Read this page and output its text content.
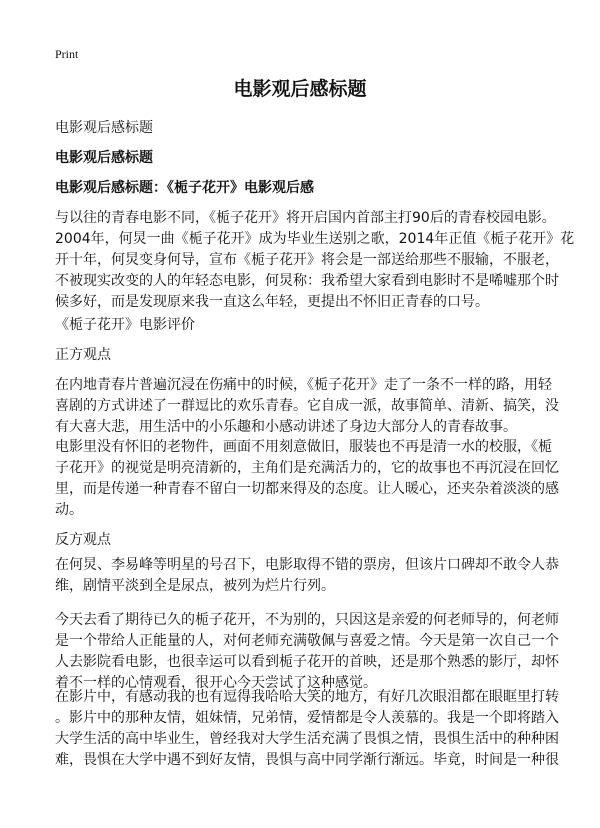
Print
电影观后感标题
电影观后感标题
电影观后感标题
电影观后感标题：《栀子花开》电影观后感
与以往的青春电影不同，《栀子花开》将开启国内首部主打90后的青春校园电影。
2004年，何炅一曲《栀子花开》成为毕业生送别之歌，2014年正值《栀子花开》花
开十年，何炅变身何导，宣布《栀子花开》将会是一部送给那些不服输，不服老，
不被现实改变的人的年轻态电影，何炅称：我希望大家看到电影时不是唏嘘那个时
候多好，而是发现原来我一直这么年轻，更提出不怀旧正青春的口号。
《栀子花开》电影评价
正方观点
在内地青春片普遍沉浸在伤痛中的时候，《栀子花开》走了一条不一样的路，用轻
喜剧的方式讲述了一群逗比的欢乐青春。它自成一派，故事简单、清新、搞笑，没
有大喜大悲，用生活中的小乐趣和小感动讲述了身边大部分人的青春故事。
电影里没有怀旧的老物件，画面不用刻意做旧，服装也不再是清一水的校服，《栀
子花开》的视觉是明亮清新的，主角们是充满活力的，它的故事也不再沉浸在回忆
里，而是传递一种青春不留白一切都来得及的态度。让人暖心，还夹杂着淡淡的感
动。
反方观点
在何炅、李易峰等明星的号召下，电影取得不错的票房，但该片口碑却不敢令人恭
维，剧情平淡到全是尿点，被列为烂片行列。
今天去看了期待已久的栀子花开，不为别的，只因这是亲爱的何老师导的，何老师
是一个带给人正能量的人，对何老师充满敬佩与喜爱之情。今天是第一次自己一个
人去影院看电影，也很幸运可以看到栀子花开的首映，还是那个熟悉的影厅，却怀
着不一样的心情观看，很开心今天尝试了这种感觉。
在影片中，有感动我的也有逗得我哈哈大笑的地方，有好几次眼泪都在眼眶里打转
。影片中的那种友情，姐妹情，兄弟情，爱情都是令人羡慕的。我是一个即将踏入
大学生活的高中毕业生，曾经我对大学生活充满了畏惧之情，畏惧生活中的种种困
难，畏惧在大学中遇不到好友情，畏惧与高中同学渐行渐远。毕竟，时间是一种很
